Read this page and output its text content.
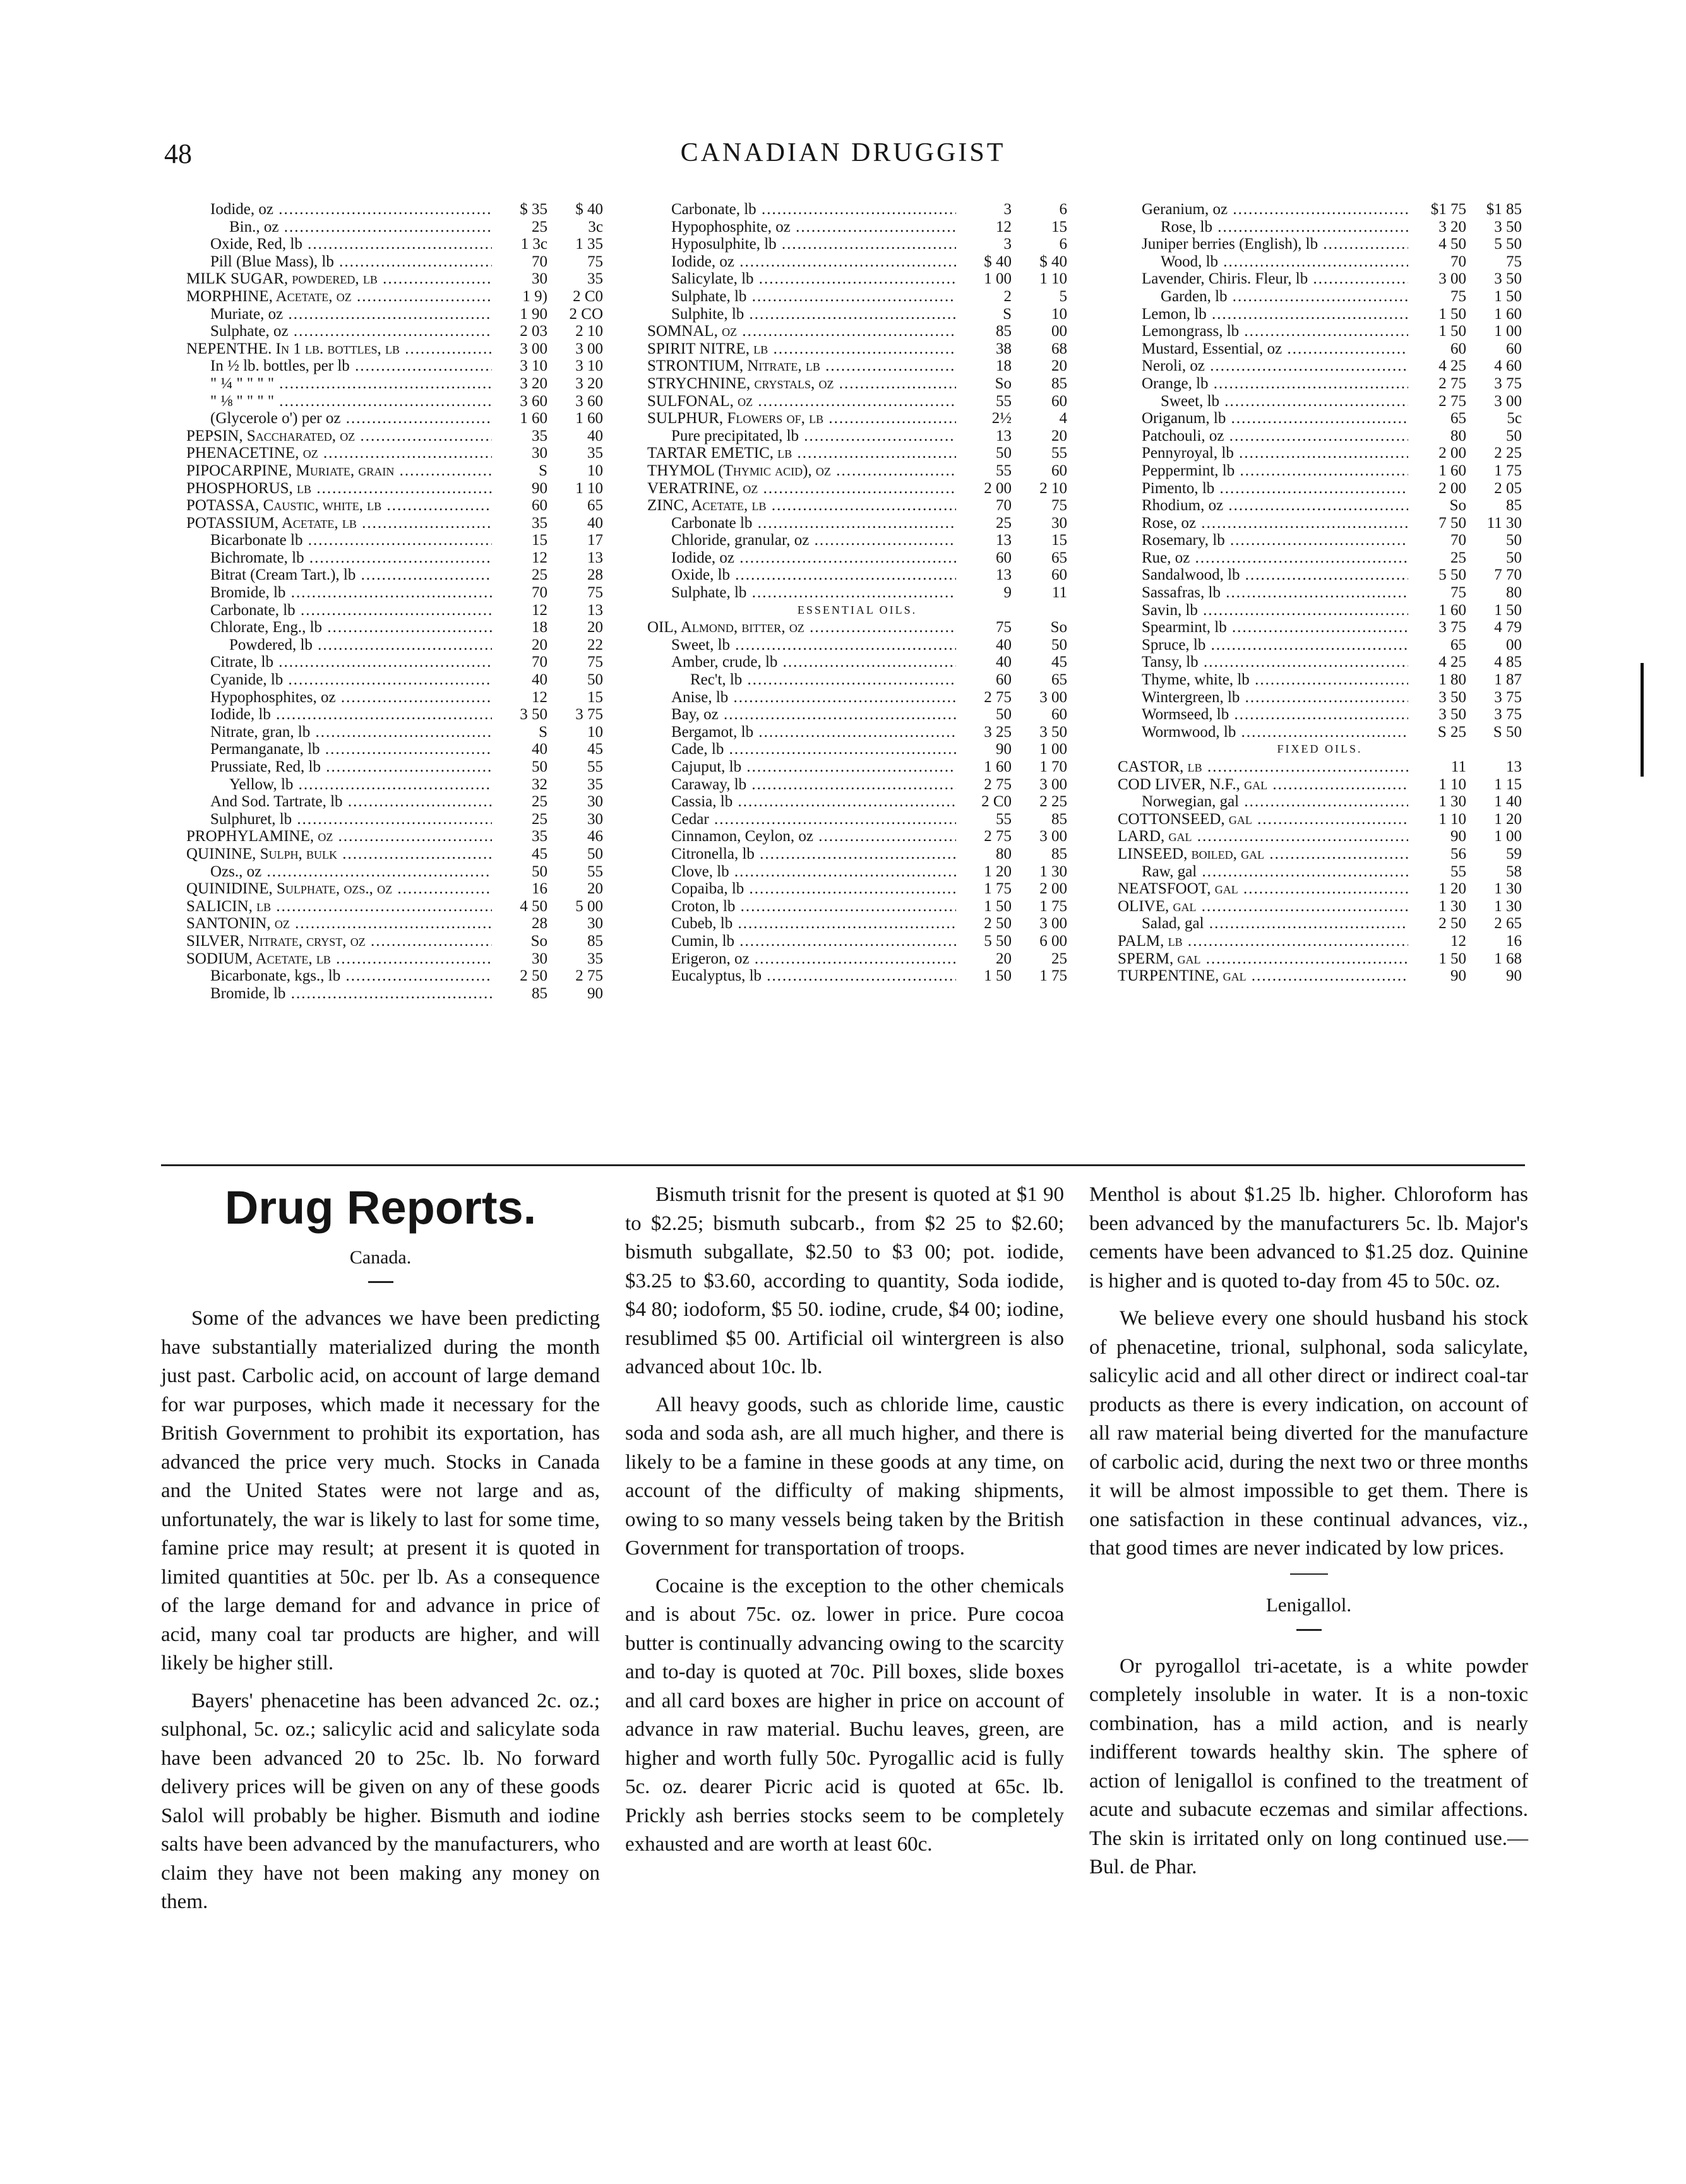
48	CANADIAN DRUGGIST
Iodide, oz .....	$ 35	$ 40
Bin., oz .....	25	3c
Oxide, Red, lb .....	1 3c	1 35
Pill (Blue Mass), lb .....	70	75
MILK SUGAR, powdered, lb .....	30	35
MORPHINE, Acetate, oz .....	1 9)	2 C0
Muriate, oz .....	1 90	2 CO
Sulphate, oz .....	2 03	2 10
NEPENTHE. In 1 lb. bottles, lb .....	3 00	3 00
In ½ lb. bottles, per lb .....	3 10	3 10
" ¼ " " " " .....	3 20	3 20
" ⅛ " " " " .....	3 60	3 60
(Glycerole o') per oz .....	1 60	1 60
PEPSIN, Saccharated, oz .....	35	40
PHENACETINE, oz .....	30	35
PIPOCARPINE, Muriate, grain .....	S	10
PHOSPHORUS, lb .....	90	1 10
POTASSA, Caustic, white, lb .....	60	65
POTASSIUM, Acetate, lb .....	35	40
Bicarbonate lb .....	15	17
Bichromate, lb .....	12	13
Bitrat (Cream Tart.), lb .....	25	28
Bromide, lb .....	70	75
Carbonate, lb .....	12	13
Chlorate, Eng., lb .....	18	20
Powdered, lb .....	20	22
Citrate, lb .....	70	75
Cyanide, lb .....	40	50
Hypophosphites, oz .....	12	15
Iodide, lb .....	3 50	3 75
Nitrate, gran, lb .....	S	10
Permanganate, lb .....	40	45
Prussiate, Red, lb .....	50	55
Yellow, lb .....	32	35
And Sod. Tartrate, lb .....	25	30
Sulphuret, lb .....	25	30
PROPHYLAMINE, oz .....	35	46
QUININE, Sulph, bulk .....	45	50
Ozs., oz .....	50	55
QUINIDINE, Sulphate, ozs., oz .....	16	20
SALICIN, lb .....	4 50	5 00
SANTONIN, oz .....	28	30
SILVER, Nitrate, cryst, oz .....	So	85
SODIUM, Acetate, lb .....	30	35
Bicarbonate, kgs., lb .....	2 50	2 75
Bromide, lb .....	85	90
Carbonate, lb .....	3	6
Hypophosphite, oz .....	12	15
Hyposulphite, lb .....	3	6
Iodide, oz .....	$ 40	$ 40
Salicylate, lb .....	1 00	1 10
Sulphate, lb .....	2	5
Sulphite, lb .....	S	10
SOMNAL, oz .....	85	00
SPIRIT NITRE, lb .....	38	68
STRONTIUM, Nitrate, lb .....	18	20
STRYCHNINE, crystals, oz .....	So	85
SULFONAL, oz .....	55	60
SULPHUR, Flowers of, lb .....	2½	4
Pure precipitated, lb .....	13	20
TARTAR EMETIC, lb .....	50	55
THYMOL (Thymic acid), oz .....	55	60
VERATRINE, oz .....	2 00	2 10
ZINC, Acetate, lb .....	70	75
Carbonate lb .....	25	30
Chloride, granular, oz .....	13	15
Iodide, oz .....	60	65
Oxide, lb .....	13	60
Sulphate, lb .....	9	11
ESSENTIAL OILS.
OIL, Almond, bitter, oz .....	75	So
Sweet, lb .....	40	50
Amber, crude, lb .....	40	45
Rec't, lb .....	60	65
Anise, lb .....	2 75	3 00
Bay, oz .....	50	60
Bergamot, lb .....	3 25	3 50
Cade, lb .....	90	1 00
Cajuput, lb .....	1 60	1 70
Caraway, lb .....	2 75	3 00
Cassia, lb .....	2 C0	2 25
Cedar .....	55	85
Cinnamon, Ceylon, oz .....	2 75	3 00
Citronella, lb .....	80	85
Clove, lb .....	1 20	1 30
Copaiba, lb .....	1 75	2 00
Croton, lb .....	1 50	1 75
Cubeb, lb .....	2 50	3 00
Cumin, lb .....	5 50	6 00
Erigeron, oz .....	20	25
Eucalyptus, lb .....	1 50	1 75
Geranium, oz .....	$1 75	$1 85
Rose, lb .....	3 20	3 50
Juniper berries (English), lb .....	4 50	5 50
Wood, lb .....	70	75
Lavender, Chiris. Fleur, lb .....	3 00	3 50
Garden, lb .....	75	1 50
Lemon, lb .....	1 50	1 60
Lemongrass, lb .....	1 50	1 00
Mustard, Essential, oz .....	60	60
Neroli, oz .....	4 25	4 60
Orange, lb .....	2 75	3 75
Sweet, lb .....	2 75	3 00
Origanum, lb .....	65	5c
Patchouli, oz .....	80	50
Pennyroyal, lb .....	2 00	2 25
Peppermint, lb .....	1 60	1 75
Pimento, lb .....	2 00	2 05
Rhodium, oz .....	So	85
Rose, oz .....	7 50	11 30
Rosemary, lb .....	70	50
Rue, oz .....	25	50
Sandalwood, lb .....	5 50	7 70
Sassafras, lb .....	75	80
Savin, lb .....	1 60	1 50
Spearmint, lb .....	3 75	4 79
Spruce, lb .....	65	00
Tansy, lb .....	4 25	4 85
Thyme, white, lb .....	1 80	1 87
Wintergreen, lb .....	3 50	3 75
Wormseed, lb .....	3 50	3 75
Wormwood, lb .....	S 25	S 50
FIXED OILS.
CASTOR, lb .....	11	13
COD LIVER, N.F., gal .....	1 10	1 15
Norwegian, gal .....	1 30	1 40
COTTONSEED, gal .....	1 10	1 20
LARD, gal .....	90	1 00
LINSEED, boiled, gal .....	56	59
Raw, gal .....	55	58
NEATSFOOT, gal .....	1 20	1 30
OLIVE, gal .....	1 30	1 30
Salad, gal .....	2 50	2 65
PALM, lb .....	12	16
SPERM, gal .....	1 50	1 68
TURPENTINE, gal .....	90	90
Drug Reports.
Canada.

Some of the advances we have been predicting have substantially materialized during the month just past. Carbolic acid, on account of large demand for war purposes, which made it necessary for the British Government to prohibit its exportation, has advanced the price very much. Stocks in Canada and the United States were not large and as, unfortunately, the war is likely to last for some time, famine price may result; at present it is quoted in limited quantities at 50c. per lb. As a consequence of the large demand for and advance in price of acid, many coal tar products are higher, and will likely be higher still.

Bayers' phenacetine has been advanced 2c. oz.; sulphonal, 5c. oz.; salicylic acid and salicylate soda have been advanced 20 to 25c. lb. No forward delivery prices will be given on any of these goods Salol will probably be higher. Bismuth and iodine salts have been advanced by the manufacturers, who claim they have not been making any money on them.

Bismuth trisnit for the present is quoted at $1 90 to $2.25; bismuth subcarb., from $2 25 to $2.60; bismuth subgallate, $2.50 to $3 00; pot. iodide, $3.25 to $3.60, according to quantity, Soda iodide, $4 80; iodoform, $5 50. iodine, crude, $4 00; iodine, resublimed $5 00. Artificial oil wintergreen is also advanced about 10c. lb.

All heavy goods, such as chloride lime, caustic soda and soda ash, are all much higher, and there is likely to be a famine in these goods at any time, on account of the difficulty of making shipments, owing to so many vessels being taken by the British Government for transportation of troops.

Cocaine is the exception to the other chemicals and is about 75c. oz. lower in price. Pure cocoa butter is continually advancing owing to the scarcity and to-day is quoted at 70c. Pill boxes, slide boxes and all card boxes are higher in price on account of advance in raw material. Buchu leaves, green, are higher and worth fully 50c. Pyrogallic acid is fully 5c. oz. dearer Picric acid is quoted at 65c. lb. Prickly ash berries stocks seem to be completely exhausted and are worth at least 60c.

Menthol is about $1.25 lb. higher. Chloroform has been advanced by the manufacturers 5c. lb. Major's cements have been advanced to $1.25 doz. Quinine is higher and is quoted to-day from 45 to 50c. oz.

We believe every one should husband his stock of phenacetine, trional, sulphonal, soda salicylate, salicylic acid and all other direct or indirect coal-tar products as there is every indication, on account of all raw material being diverted for the manufacture of carbolic acid, during the next two or three months it will be almost impossible to get them. There is one satisfaction in these continual advances, viz., that good times are never indicated by low prices.

Lenigallol.

Or pyrogallol tri-acetate, is a white powder completely insoluble in water. It is a non-toxic combination, has a mild action, and is nearly indifferent towards healthy skin. The sphere of action of lenigallol is confined to the treatment of acute and subacute eczemas and similar affections. The skin is irritated only on long continued use.—Bul. de Phar.
